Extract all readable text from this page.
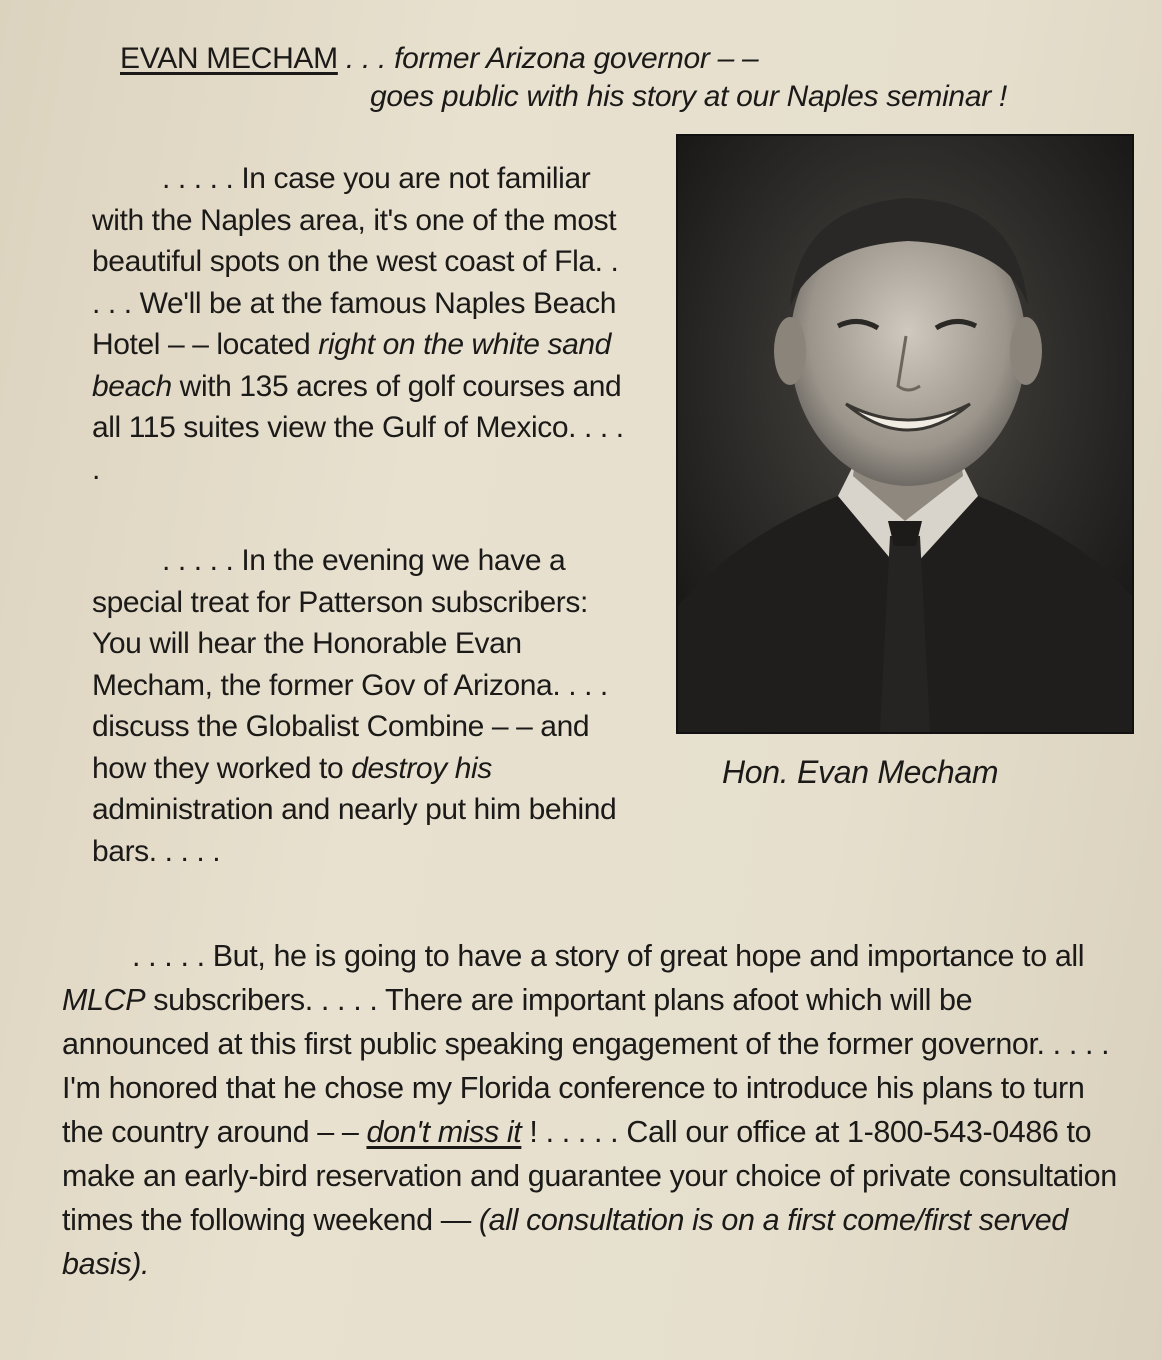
EVAN MECHAM . . . former Arizona governor – –
goes public with his story at our Naples seminar !

. . . . . In case you are not familiar with the Naples area, it's one of the most beautiful spots on the west coast of Fla. . . . . We'll be at the famous Naples Beach Hotel – – located right on the white sand beach with 135 acres of golf courses and all 115 suites view the Gulf of Mexico. . . . .

. . . . . In the evening we have a special treat for Patterson subscribers: You will hear the Honorable Evan Mecham, the former Gov of Arizona. . . . discuss the Globalist Combine – – and how they worked to destroy his administration and nearly put him behind bars. . . . .

Hon. Evan Mecham

. . . . . But, he is going to have a story of great hope and importance to all MLCP subscribers. . . . . There are important plans afoot which will be announced at this first public speaking engagement of the former governor. . . . . I'm honored that he chose my Florida conference to introduce his plans to turn the country around – – don't miss it ! . . . . . Call our office at 1-800-543-0486 to make an early-bird reservation and guarantee your choice of private consultation times the following weekend — (all consultation is on a first come/first served basis).
